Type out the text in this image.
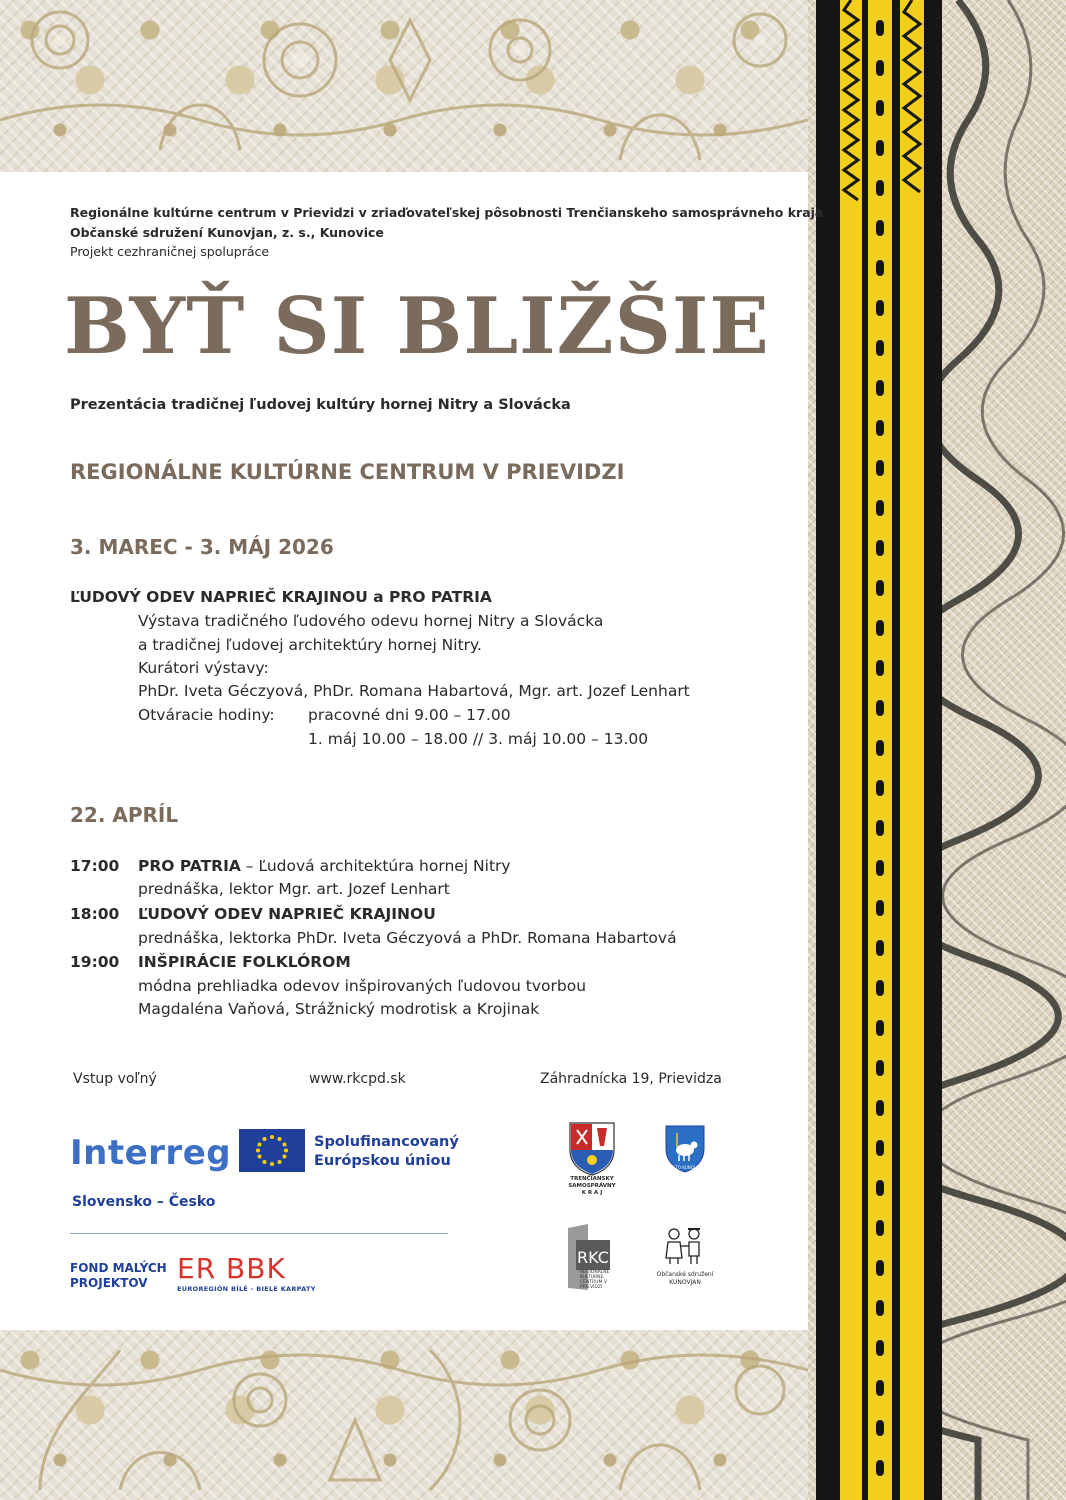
Regionálne kultúrne centrum v Prievidzi v zriaďovateľskej pôsobnosti Trenčianskeho samosprávneho kraja
Občanské sdružení Kunovjan, z. s., Kunovice
Projekt cezhraničnej spolupráce
BYŤ SI BLIŽŠIE
Prezentácia tradičnej ľudovej kultúry hornej Nitry a Slovácka
REGIONÁLNE KULTÚRNE CENTRUM V PRIEVIDZI
3. MAREC - 3. MÁJ 2026
ĽUDOVÝ ODEV NAPRIEČ KRAJINOU a PRO PATRIA
Výstava tradičného ľudového odevu hornej Nitry a Slovácka
a tradičnej ľudovej architektúry hornej Nitry.
Kurátori výstavy:
PhDr. Iveta Géczyová, PhDr. Romana Habartová, Mgr. art. Jozef Lenhart
Otváracie hodiny: pracovné dni 9.00 – 17.00
1. máj 10.00 – 18.00 // 3. máj 10.00 – 13.00
22. APRÍL
17:00 PRO PATRIA – Ľudová architektúra hornej Nitry
prednáška, lektor Mgr. art. Jozef Lenhart
18:00 ĽUDOVÝ ODEV NAPRIEČ KRAJINOU
prednáška, lektorka PhDr. Iveta Géczyová a PhDr. Romana Habartová
19:00 INŠPIRÁCIE FOLKLÓROM
módna prehliadka odevov inšpirovaných ľudovou tvorbou
Magdaléna Vaňová, Strážnický modrotisk a Krojinak
Vstup voľný	www.rkcpd.sk	Záhradnícka 19, Prievidza
Interreg	Spolufinancovaný
Európskou úniou
Slovensko – Česko
FOND MALÝCH
PROJEKTOV	ER BBK
EUROREGIÓN BÍLÉ - BIELE KARPATY
TRENČIANSKY
SAMOSPRÁVNY
K R A J
MĚSTO KUNOVICE
RKC
REGIONÁLNE KULTÚRNE CENTRUM V PRIEVIDZI
Občanské sdružení
KUNOVJAN
